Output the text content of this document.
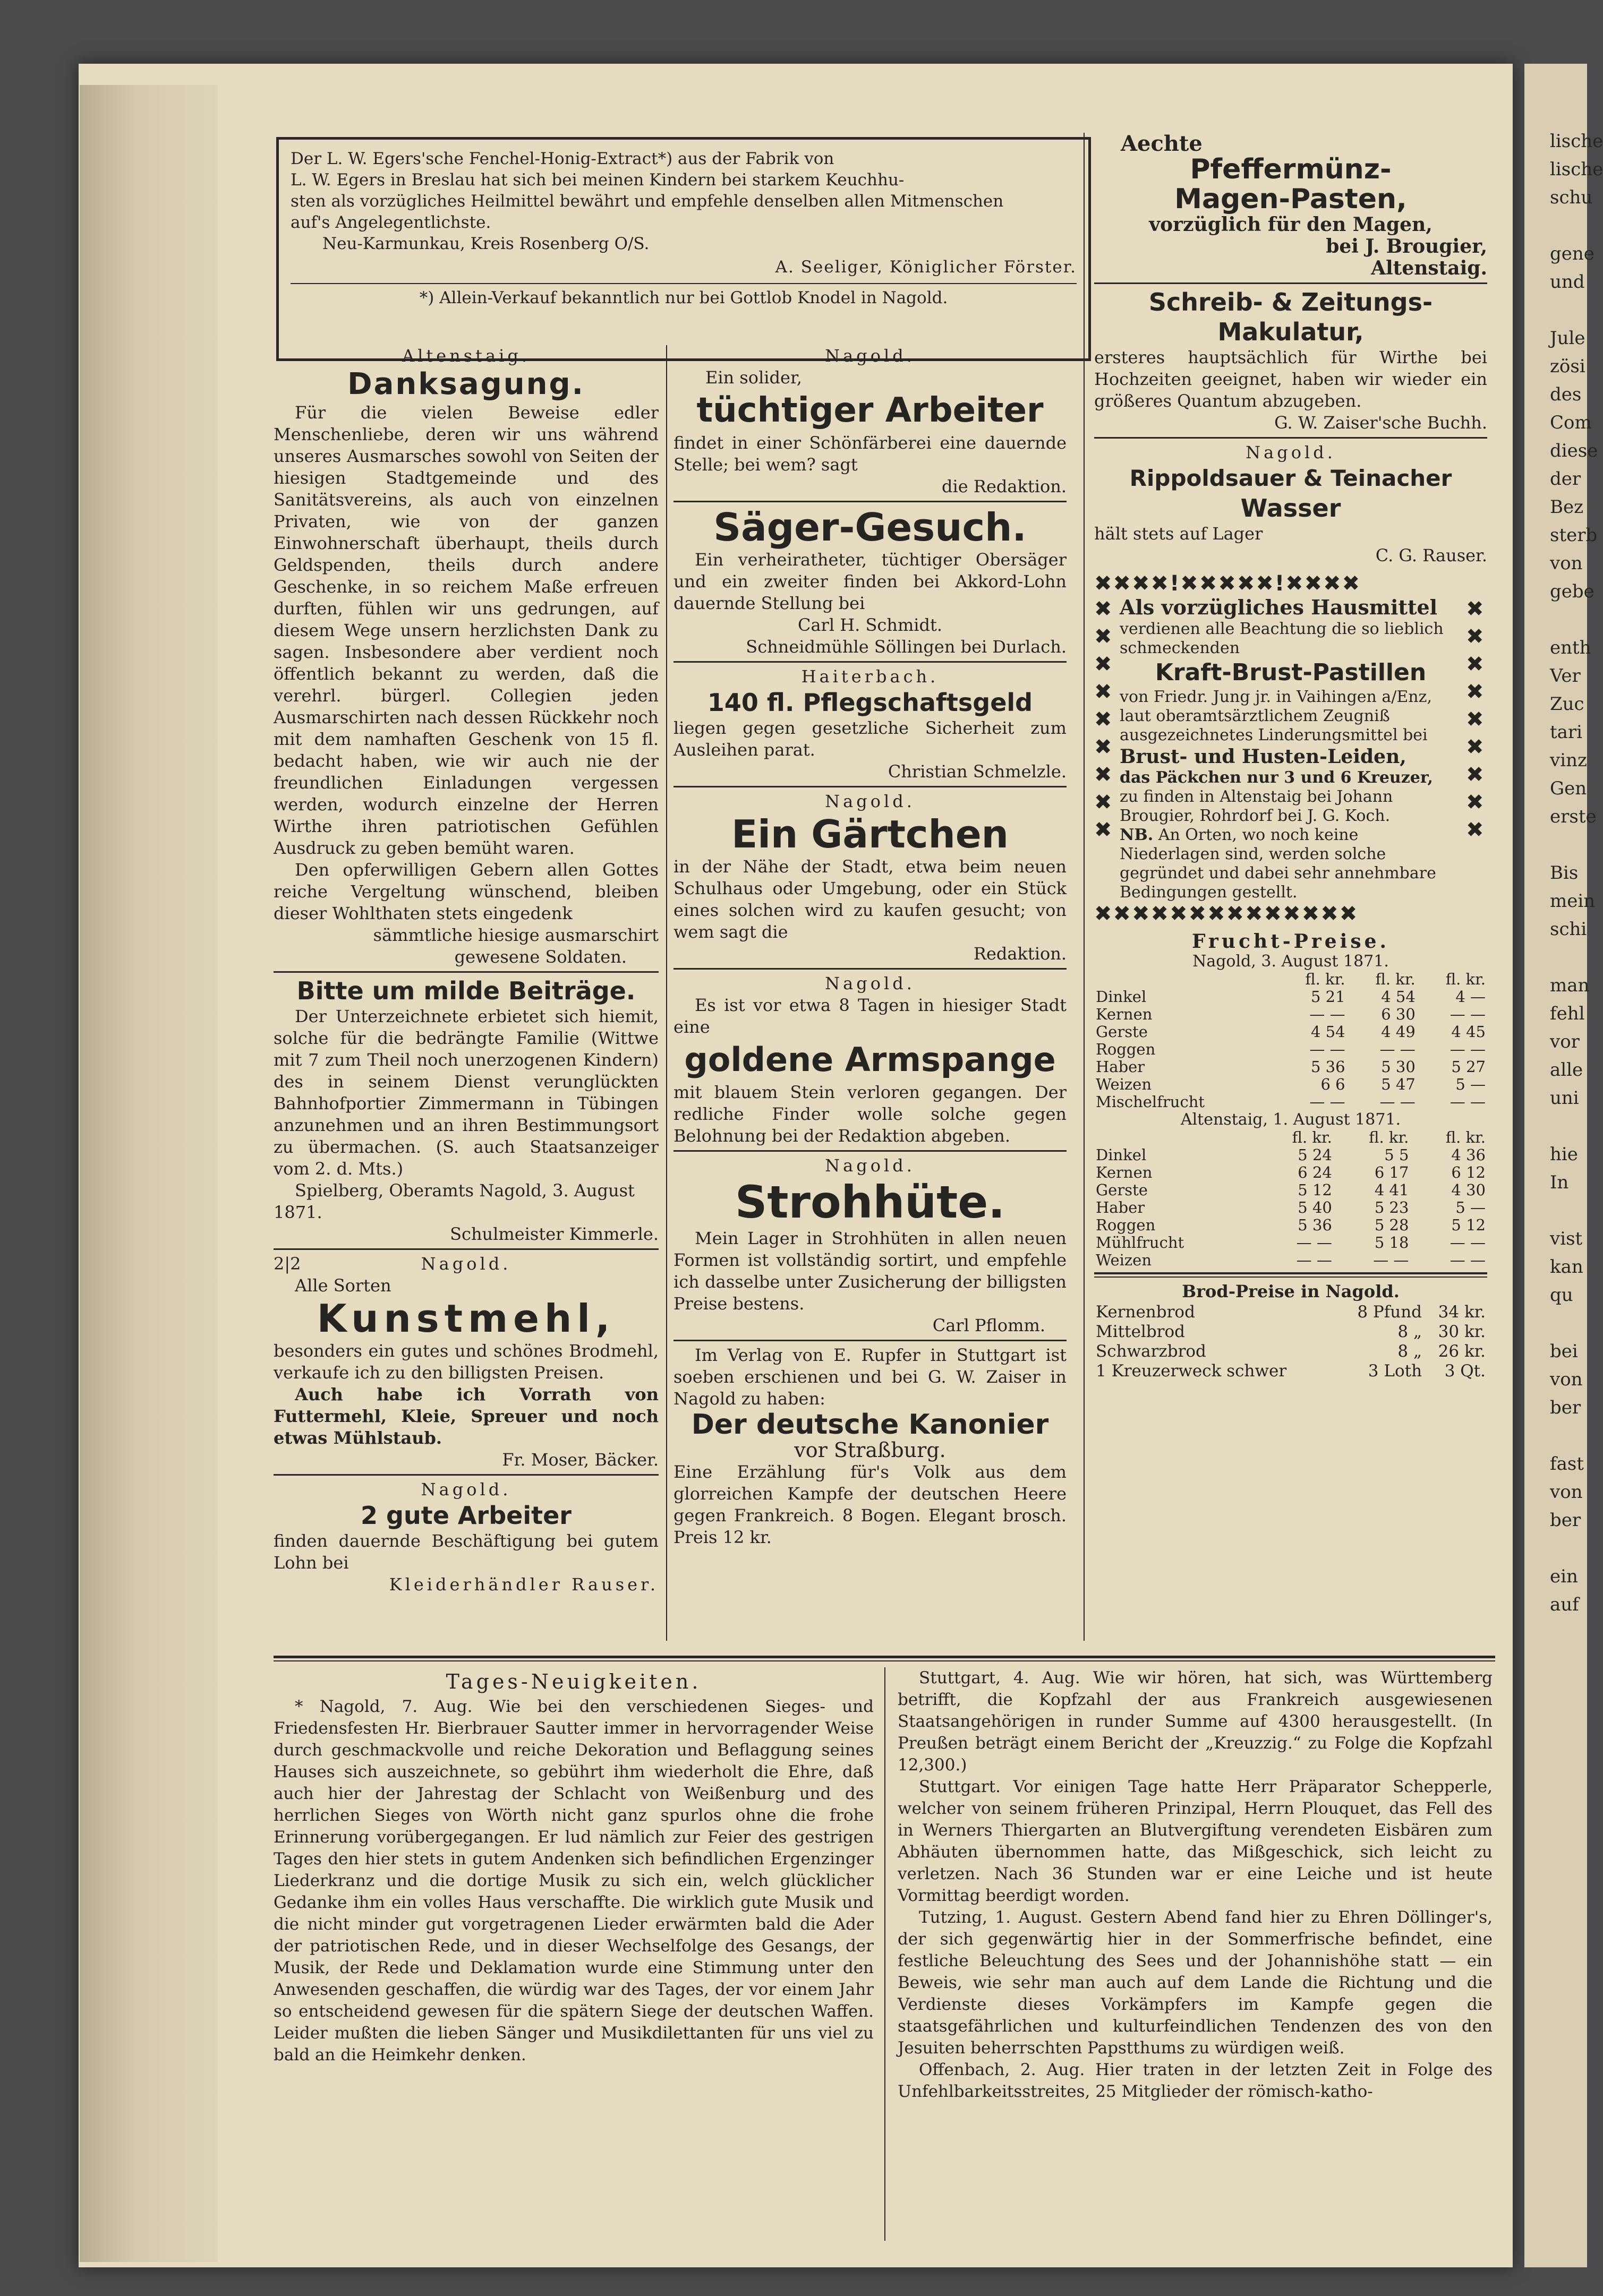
lische
lische
schu
gene
und
Jule
zösi
des
Com
diese
der
Bez
sterb
von
gebe
enth
Ver
Zuc
tari
vinz
Gen
erste
Bis
mein
schi
man
fehl
vor
alle
uni
hie
In
vist
kan
qu
bei
von
ber
fast
von
ber
ein
auf
Der L. W. Egers'sche Fenchel-Honig-Extract*) aus der Fabrik von
L. W. Egers in Breslau hat sich bei meinen Kindern bei starkem Keuchhu-
sten als vorzügliches Heilmittel bewährt und empfehle denselben allen Mitmenschen
auf's Angelegentlichste.
Neu-Karmunkau, Kreis Rosenberg O/S.
A. Seeliger, Königlicher Förster.
*) Allein-Verkauf bekanntlich nur bei Gottlob Knodel in Nagold.
Altenstaig.
Danksagung.
Für die vielen Beweise edler Menschenliebe, deren wir uns während unseres Ausmarsches sowohl von Seiten der hiesigen Stadtgemeinde und des Sanitätsvereins, als auch von einzelnen Privaten, wie von der ganzen Einwohnerschaft überhaupt, theils durch Geldspenden, theils durch andere Geschenke, in so reichem Maße erfreuen durften, fühlen wir uns gedrungen, auf diesem Wege unsern herzlichsten Dank zu sagen. Insbesondere aber verdient noch öffentlich bekannt zu werden, daß die verehrl. bürgerl. Collegien jeden Ausmarschirten nach dessen Rückkehr noch mit dem namhaften Geschenk von 15 fl. bedacht haben, wie wir auch nie der freundlichen Einladungen vergessen werden, wodurch einzelne der Herren Wirthe ihren patriotischen Gefühlen Ausdruck zu geben bemüht waren.
Den opferwilligen Gebern allen Gottes reiche Vergeltung wünschend, bleiben dieser Wohlthaten stets eingedenk
sämmtliche hiesige ausmarschirt
gewesene Soldaten.
Bitte um milde Beiträge.
Der Unterzeichnete erbietet sich hiemit, solche für die bedrängte Familie (Wittwe mit 7 zum Theil noch unerzogenen Kindern) des in seinem Dienst verunglückten Bahnhofportier Zimmermann in Tübingen anzunehmen und an ihren Bestimmungsort zu übermachen. (S. auch Staatsanzeiger vom 2. d. Mts.)
Spielberg, Oberamts Nagold, 3. August 1871.
Schulmeister Kimmerle.
2|2	Nagold.
Alle Sorten
Kunstmehl,
besonders ein gutes und schönes Brodmehl, verkaufe ich zu den billigsten Preisen.
Auch habe ich Vorrath von Futtermehl, Kleie, Spreuer und noch etwas Mühlstaub.
Fr. Moser, Bäcker.
Nagold.
2 gute Arbeiter
finden dauernde Beschäftigung bei gutem Lohn bei
Kleiderhändler Rauser.
Nagold.
Ein solider,
tüchtiger Arbeiter
findet in einer Schönfärberei eine dauernde Stelle; bei wem? sagt
die Redaktion.
Säger-Gesuch.
Ein verheiratheter, tüchtiger Obersäger und ein zweiter finden bei Akkord-Lohn dauernde Stellung bei
Carl H. Schmidt.
Schneidmühle Söllingen bei Durlach.
Haiterbach.
140 fl. Pflegschaftsgeld
liegen gegen gesetzliche Sicherheit zum Ausleihen parat.
Christian Schmelzle.
Nagold.
Ein Gärtchen
in der Nähe der Stadt, etwa beim neuen Schulhaus oder Umgebung, oder ein Stück eines solchen wird zu kaufen gesucht; von wem sagt die
Redaktion.
Nagold.
Es ist vor etwa 8 Tagen in hiesiger Stadt eine
goldene Armspange
mit blauem Stein verloren gegangen. Der redliche Finder wolle solche gegen Belohnung bei der Redaktion abgeben.
Nagold.
Strohhüte.
Mein Lager in Strohhüten in allen neuen Formen ist vollständig sortirt, und empfehle ich dasselbe unter Zusicherung der billigsten Preise bestens.
Carl Pflomm.
Im Verlag von E. Rupfer in Stuttgart ist soeben erschienen und bei G. W. Zaiser in Nagold zu haben:
Der deutsche Kanonier
vor Straßburg.
Eine Erzählung für's Volk aus dem glorreichen Kampfe der deutschen Heere gegen Frankreich. 8 Bogen. Elegant brosch. Preis 12 kr.
Aechte
Pfeffermünz-
Magen-Pasten,
vorzüglich für den Magen,
bei J. Brougier,
Altenstaig.
Schreib- & Zeitungs-
Makulatur,
ersteres hauptsächlich für Wirthe bei Hochzeiten geeignet, haben wir wieder ein größeres Quantum abzugeben.
G. W. Zaiser'sche Buchh.
Nagold.
Rippoldsauer & Teinacher
Wasser
hält stets auf Lager
C. G. Rauser.
✖✖✖✖!✖✖✖✖✖!✖✖✖✖
✖
✖
✖
✖
✖
✖
✖
✖
✖
Als vorzügliches Hausmittel
verdienen alle Beachtung die so lieblich schmeckenden
Kraft-Brust-Pastillen
von Friedr. Jung jr. in Vaihingen a/Enz,
laut oberamtsärztlichem Zeugniß ausgezeichnetes Linderungsmittel bei
Brust- und Husten-Leiden,
das Päckchen nur 3 und 6 Kreuzer,
zu finden in Altenstaig bei Johann Brougier, Rohrdorf bei J. G. Koch.
NB. An Orten, wo noch keine Niederlagen sind, werden solche gegründet und dabei sehr annehmbare Bedingungen gestellt.
✖
✖
✖
✖
✖
✖
✖
✖
✖
✖✖✖✖✖✖✖✖✖✖✖✖✖✖
Frucht-Preise.
Nagold, 3. August 1871.
	fl. kr.	fl. kr.	fl. kr.
Dinkel	5 21	4 54	4 —
Kernen	— —	6 30	— —
Gerste	4 54	4 49	4 45
Roggen	— —	— —	— —
Haber	5 36	5 30	5 27
Weizen	6 6	5 47	5 —
Mischelfrucht	— —	— —	— —
Altenstaig, 1. August 1871.
	fl. kr.	fl. kr.	fl. kr.
Dinkel	5 24	5 5	4 36
Kernen	6 24	6 17	6 12
Gerste	5 12	4 41	4 30
Haber	5 40	5 23	5 —
Roggen	5 36	5 28	5 12
Mühlfrucht	— —	5 18	— —
Weizen	— —	— —	— —
Brod-Preise in Nagold.
Kernenbrod	8 Pfund	34 kr.
Mittelbrod	8 „	30 kr.
Schwarzbrod	8 „	26 kr.
1 Kreuzerweck schwer	3 Loth	3 Qt.
Tages-Neuigkeiten.
* Nagold, 7. Aug. Wie bei den verschiedenen Sieges- und Friedensfesten Hr. Bierbrauer Sautter immer in hervorragender Weise durch geschmackvolle und reiche Dekoration und Beflaggung seines Hauses sich auszeichnete, so gebührt ihm wiederholt die Ehre, daß auch hier der Jahrestag der Schlacht von Weißenburg und des herrlichen Sieges von Wörth nicht ganz spurlos ohne die frohe Erinnerung vorübergegangen. Er lud nämlich zur Feier des gestrigen Tages den hier stets in gutem Andenken sich befindlichen Ergenzinger Liederkranz und die dortige Musik zu sich ein, welch glücklicher Gedanke ihm ein volles Haus verschaffte. Die wirklich gute Musik und die nicht minder gut vorgetragenen Lieder erwärmten bald die Ader der patriotischen Rede, und in dieser Wechselfolge des Gesangs, der Musik, der Rede und Deklamation wurde eine Stimmung unter den Anwesenden geschaffen, die würdig war des Tages, der vor einem Jahr so entscheidend gewesen für die spätern Siege der deutschen Waffen. Leider mußten die lieben Sänger und Musikdilettanten für uns viel zu bald an die Heimkehr denken.
Stuttgart, 4. Aug. Wie wir hören, hat sich, was Württemberg betrifft, die Kopfzahl der aus Frankreich ausgewiesenen Staatsangehörigen in runder Summe auf 4300 herausgestellt. (In Preußen beträgt einem Bericht der „Kreuzzig.“ zu Folge die Kopfzahl 12,300.)
Stuttgart. Vor einigen Tage hatte Herr Präparator Schepperle, welcher von seinem früheren Prinzipal, Herrn Plouquet, das Fell des in Werners Thiergarten an Blutvergiftung verendeten Eisbären zum Abhäuten übernommen hatte, das Mißgeschick, sich leicht zu verletzen. Nach 36 Stunden war er eine Leiche und ist heute Vormittag beerdigt worden.
Tutzing, 1. August. Gestern Abend fand hier zu Ehren Döllinger's, der sich gegenwärtig hier in der Sommerfrische befindet, eine festliche Beleuchtung des Sees und der Johannishöhe statt — ein Beweis, wie sehr man auch auf dem Lande die Richtung und die Verdienste dieses Vorkämpfers im Kampfe gegen die staatsgefährlichen und kulturfeindlichen Tendenzen des von den Jesuiten beherrschten Papstthums zu würdigen weiß.
Offenbach, 2. Aug. Hier traten in der letzten Zeit in Folge des Unfehlbarkeitsstreites, 25 Mitglieder der römisch-katho-
